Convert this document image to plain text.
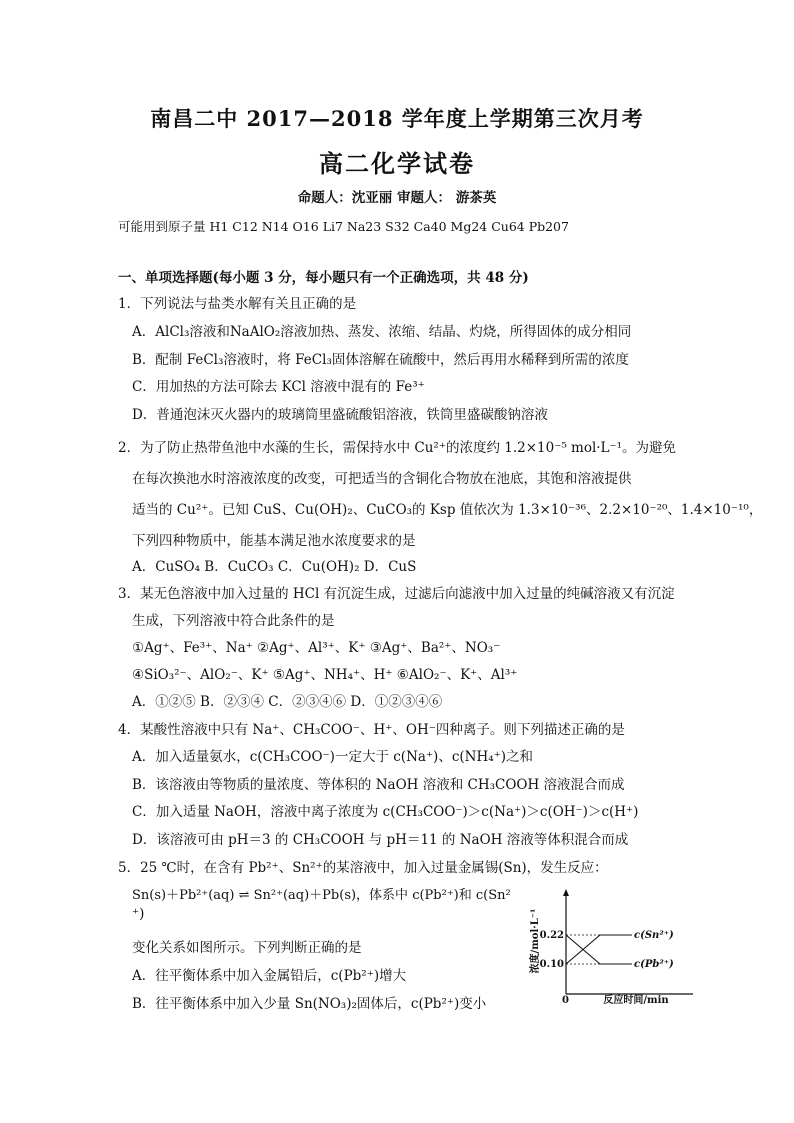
南昌二中 2017—2018 学年度上学期第三次月考
高二化学试卷
命题人：沈亚丽 审题人： 游茶英
可能用到原子量 H1 C12 N14 O16 Li7 Na23 S32 Ca40 Mg24 Cu64 Pb207
一、单项选择题(每小题 3 分，每小题只有一个正确选项，共 48 分)
1．下列说法与盐类水解有关且正确的是
A．AlCl₃溶液和NaAlO₂溶液加热、蒸发、浓缩、结晶、灼烧，所得固体的成分相同
B．配制 FeCl₃溶液时，将 FeCl₃固体溶解在硫酸中，然后再用水稀释到所需的浓度
C．用加热的方法可除去 KCl 溶液中混有的 Fe³⁺
D．普通泡沫灭火器内的玻璃筒里盛硫酸铝溶液，铁筒里盛碳酸钠溶液
2．为了防止热带鱼池中水藻的生长，需保持水中 Cu²⁺的浓度约 1.2×10⁻⁵ mol·L⁻¹。为避免
在每次换池水时溶液浓度的改变，可把适当的含铜化合物放在池底，其饱和溶液提供
适当的 Cu²⁺。已知 CuS、Cu(OH)₂、CuCO₃的 Ksp 值依次为 1.3×10⁻³⁶、2.2×10⁻²⁰、1.4×10⁻¹⁰，
下列四种物质中，能基本满足池水浓度要求的是
A．CuSO₄ B．CuCO₃ C．Cu(OH)₂ D．CuS
3．某无色溶液中加入过量的 HCl 有沉淀生成，过滤后向滤液中加入过量的纯碱溶液又有沉淀
生成，下列溶液中符合此条件的是
①Ag⁺、Fe³⁺、Na⁺ ②Ag⁺、Al³⁺、K⁺ ③Ag⁺、Ba²⁺、NO₃⁻
④SiO₃²⁻、AlO₂⁻、K⁺ ⑤Ag⁺、NH₄⁺、H⁺ ⑥AlO₂⁻、K⁺、Al³⁺
A．①②⑤ B．②③④ C．②③④⑥ D．①②③④⑥
4．某酸性溶液中只有 Na⁺、CH₃COO⁻、H⁺、OH⁻四种离子。则下列描述正确的是
A．加入适量氨水，c(CH₃COO⁻)一定大于 c(Na⁺)、c(NH₄⁺)之和
B．该溶液由等物质的量浓度、等体积的 NaOH 溶液和 CH₃COOH 溶液混合而成
C．加入适量 NaOH，溶液中离子浓度为 c(CH₃COO⁻)＞c(Na⁺)＞c(OH⁻)＞c(H⁺)
D．该溶液可由 pH＝3 的 CH₃COOH 与 pH＝11 的 NaOH 溶液等体积混合而成
5．25 ℃时，在含有 Pb²⁺、Sn²⁺的某溶液中，加入过量金属锡(Sn)，发生反应：
Sn(s)＋Pb²⁺(aq) ⇌ Sn²⁺(aq)＋Pb(s)，体系中 c(Pb²⁺)和 c(Sn²
⁺)
变化关系如图所示。下列判断正确的是
A．往平衡体系中加入金属铅后，c(Pb²⁺)增大
B．往平衡体系中加入少量 Sn(NO₃)₂固体后，c(Pb²⁺)变小
浓度/mol·L⁻¹
0.22
0.10
c(Sn²⁺)
c(Pb²⁺)
0	反应时间/min
